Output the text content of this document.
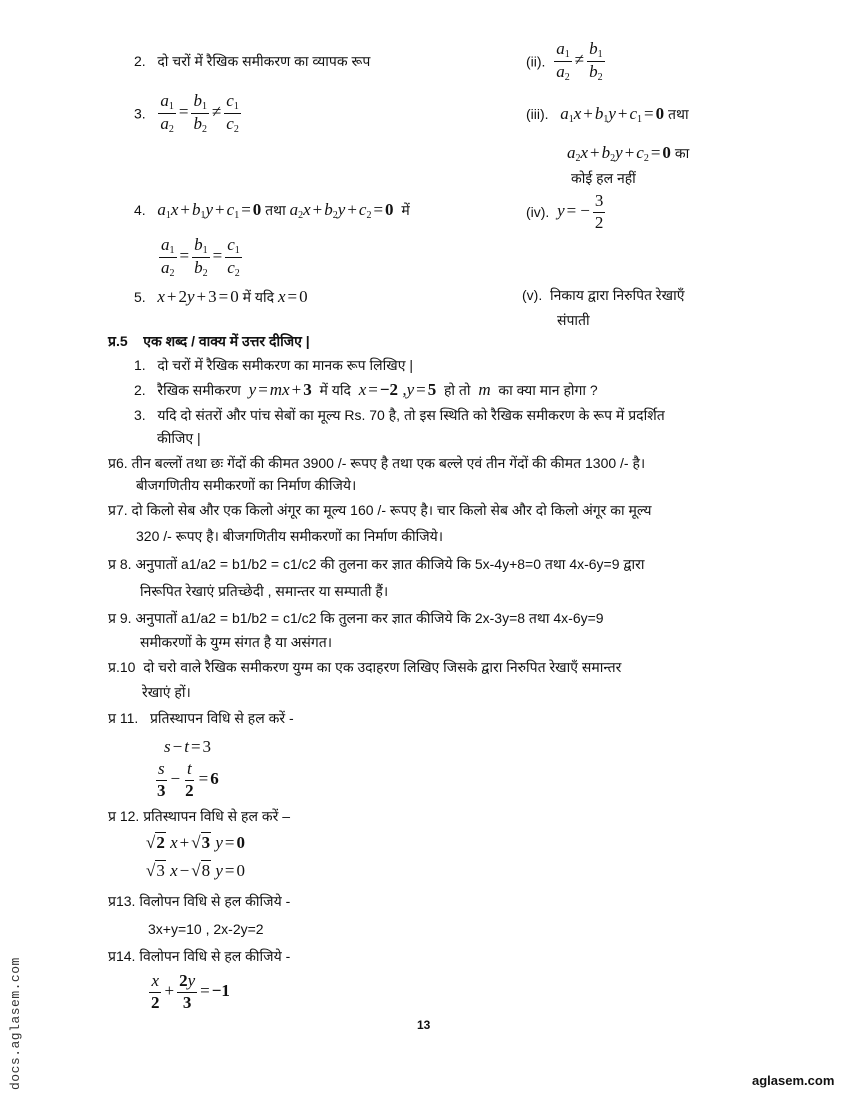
2. दो चरों में रैखिक समीकरण का व्यापक रूप
3. $\frac{a_1}{a_2} = \frac{b_1}{b_2} \ne \frac{c_1}{c_2}$
4. $a_1x + b_1y + c_1 = 0$ तथा $a_2x + b_2y + c_2 = 0$ में
$\frac{a_1}{a_2} = \frac{b_1}{b_2} = \frac{c_1}{c_2}$
5. x + 2y + 3 = 0 में यदि x = 0
(ii). $\frac{a_1}{a_2} \ne \frac{b_1}{b_2}$
(iii). $a_1x + b_1y + c_1 = 0$ तथा
$a_2x + b_2y + c_2 = 0$ का
कोई हल नहीं
(iv). y = − $\frac{3}{2}$
(v). निकाय द्वारा निरुपित रेखाएँ
संपाती
प्र.5 एक शब्द / वाक्य में उत्तर दीजिए |
1. दो चरों में रैखिक समीकरण का मानक रूप लिखिए |
2. रैखिक समीकरण y = mx + 3 में यदि x = −2 ,y = 5 हो तो m का क्या मान होगा ?
3. यदि दो संतरों और पांच सेबों का मूल्य Rs. 70 है, तो इस स्थिति को रैखिक समीकरण के रूप में प्रदर्शित
कीजिए |
प्र6. तीन बल्लों तथा छः गेंदों की कीमत 3900 /- रूपए है तथा एक बल्ले एवं तीन गेंदों की कीमत 1300 /- है।
बीजगणितीय समीकरणों का निर्माण कीजिये।
प्र7. दो किलो सेब और एक किलो अंगूर का मूल्य 160 /- रूपए है। चार किलो सेब और दो किलो अंगूर का मूल्य
320 /- रूपए है। बीजगणितीय समीकरणों का निर्माण कीजिये।
प्र 8. अनुपातों a1/a2 = b1/b2 = c1/c2 की तुलना कर ज्ञात कीजिये कि 5x-4y+8=0 तथा 4x-6y=9 द्वारा
निरूपित रेखाएं प्रतिच्छेदी , समान्तर या सम्पाती हैं।
प्र 9. अनुपातों a1/a2 = b1/b2 = c1/c2 कि तुलना कर ज्ञात कीजिये कि 2x-3y=8 तथा 4x-6y=9
समीकरणों के युग्म संगत है या असंगत।
प्र.10 दो चरो वाले रैखिक समीकरण युग्म का एक उदाहरण लिखिए जिसके द्वारा निरुपित रेखाएँ समान्तर
रेखाएं हों।
प्र 11. प्रतिस्थापन विधि से हल करें -
s − t = 3
$\frac{s}{3} - \frac{t}{2} = 6$
प्र 12. प्रतिस्थापन विधि से हल करें –
√2 x + √3 y = 0
√3 x − √8 y = 0
प्र13. विलोपन विधि से हल कीजिये -
3x+y=10 , 2x-2y=2
प्र14. विलोपन विधि से हल कीजिये -
$\frac{x}{2} + \frac{2y}{3} = -1$
13
aglasem.com
docs.aglasem.com
